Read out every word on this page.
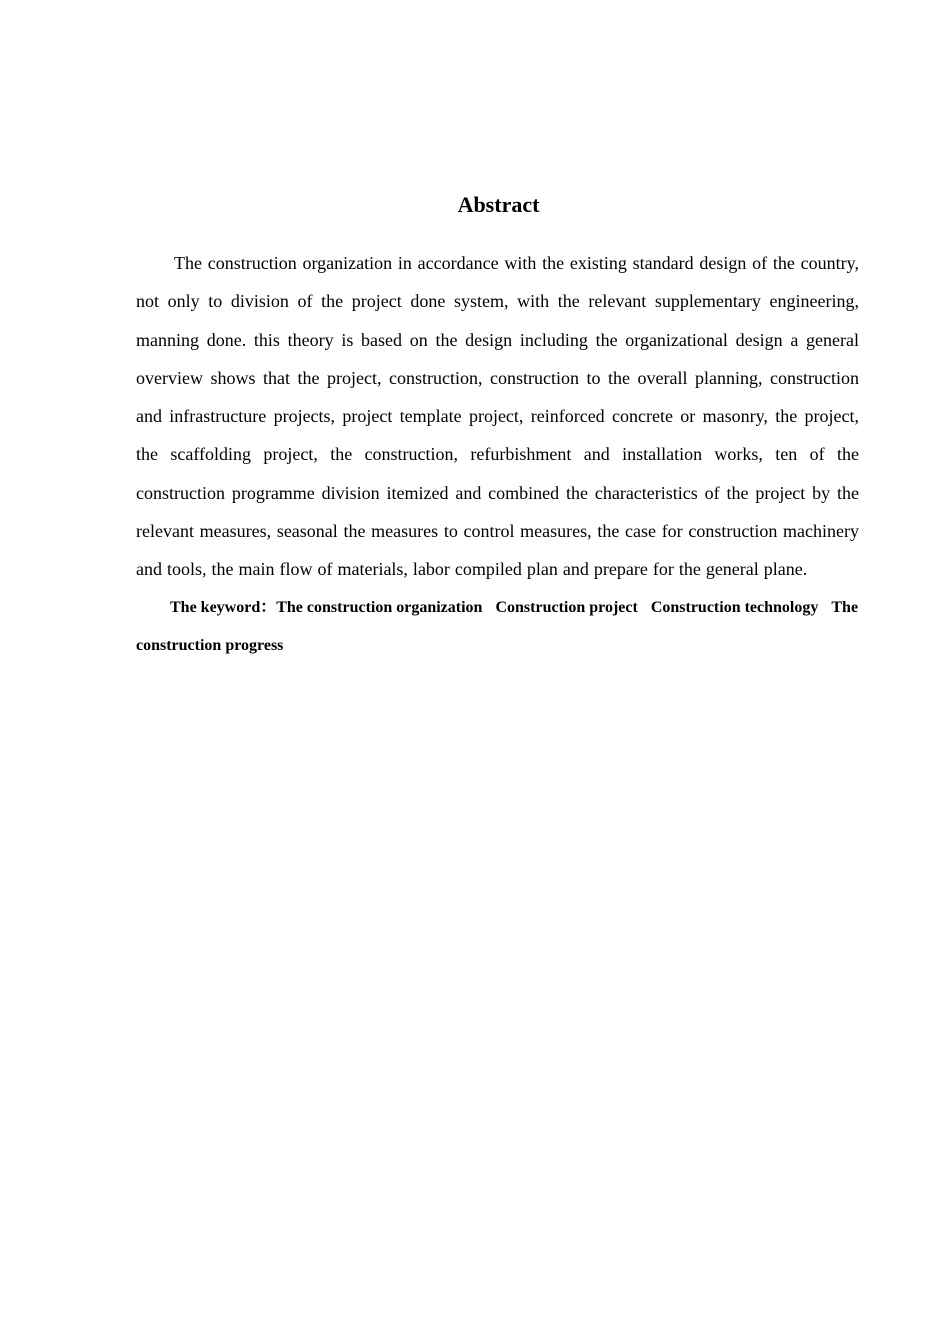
Abstract

The construction organization in accordance with the existing standard design of the country, not only to division of the project done system, with the relevant supplementary engineering, manning done. this theory is based on the design including the organizational design a general overview shows that the project, construction, construction to the overall planning, construction and infrastructure projects, project template project, reinforced concrete or masonry, the project, the scaffolding project, the construction, refurbishment and installation works, ten of the construction programme division itemized and combined the characteristics of the project by the relevant measures, seasonal the measures to control measures, the case for construction machinery and tools, the main flow of materials, labor compiled plan and prepare for the general plane.

The keyword：The construction organization Construction project Construction technology The construction progress
